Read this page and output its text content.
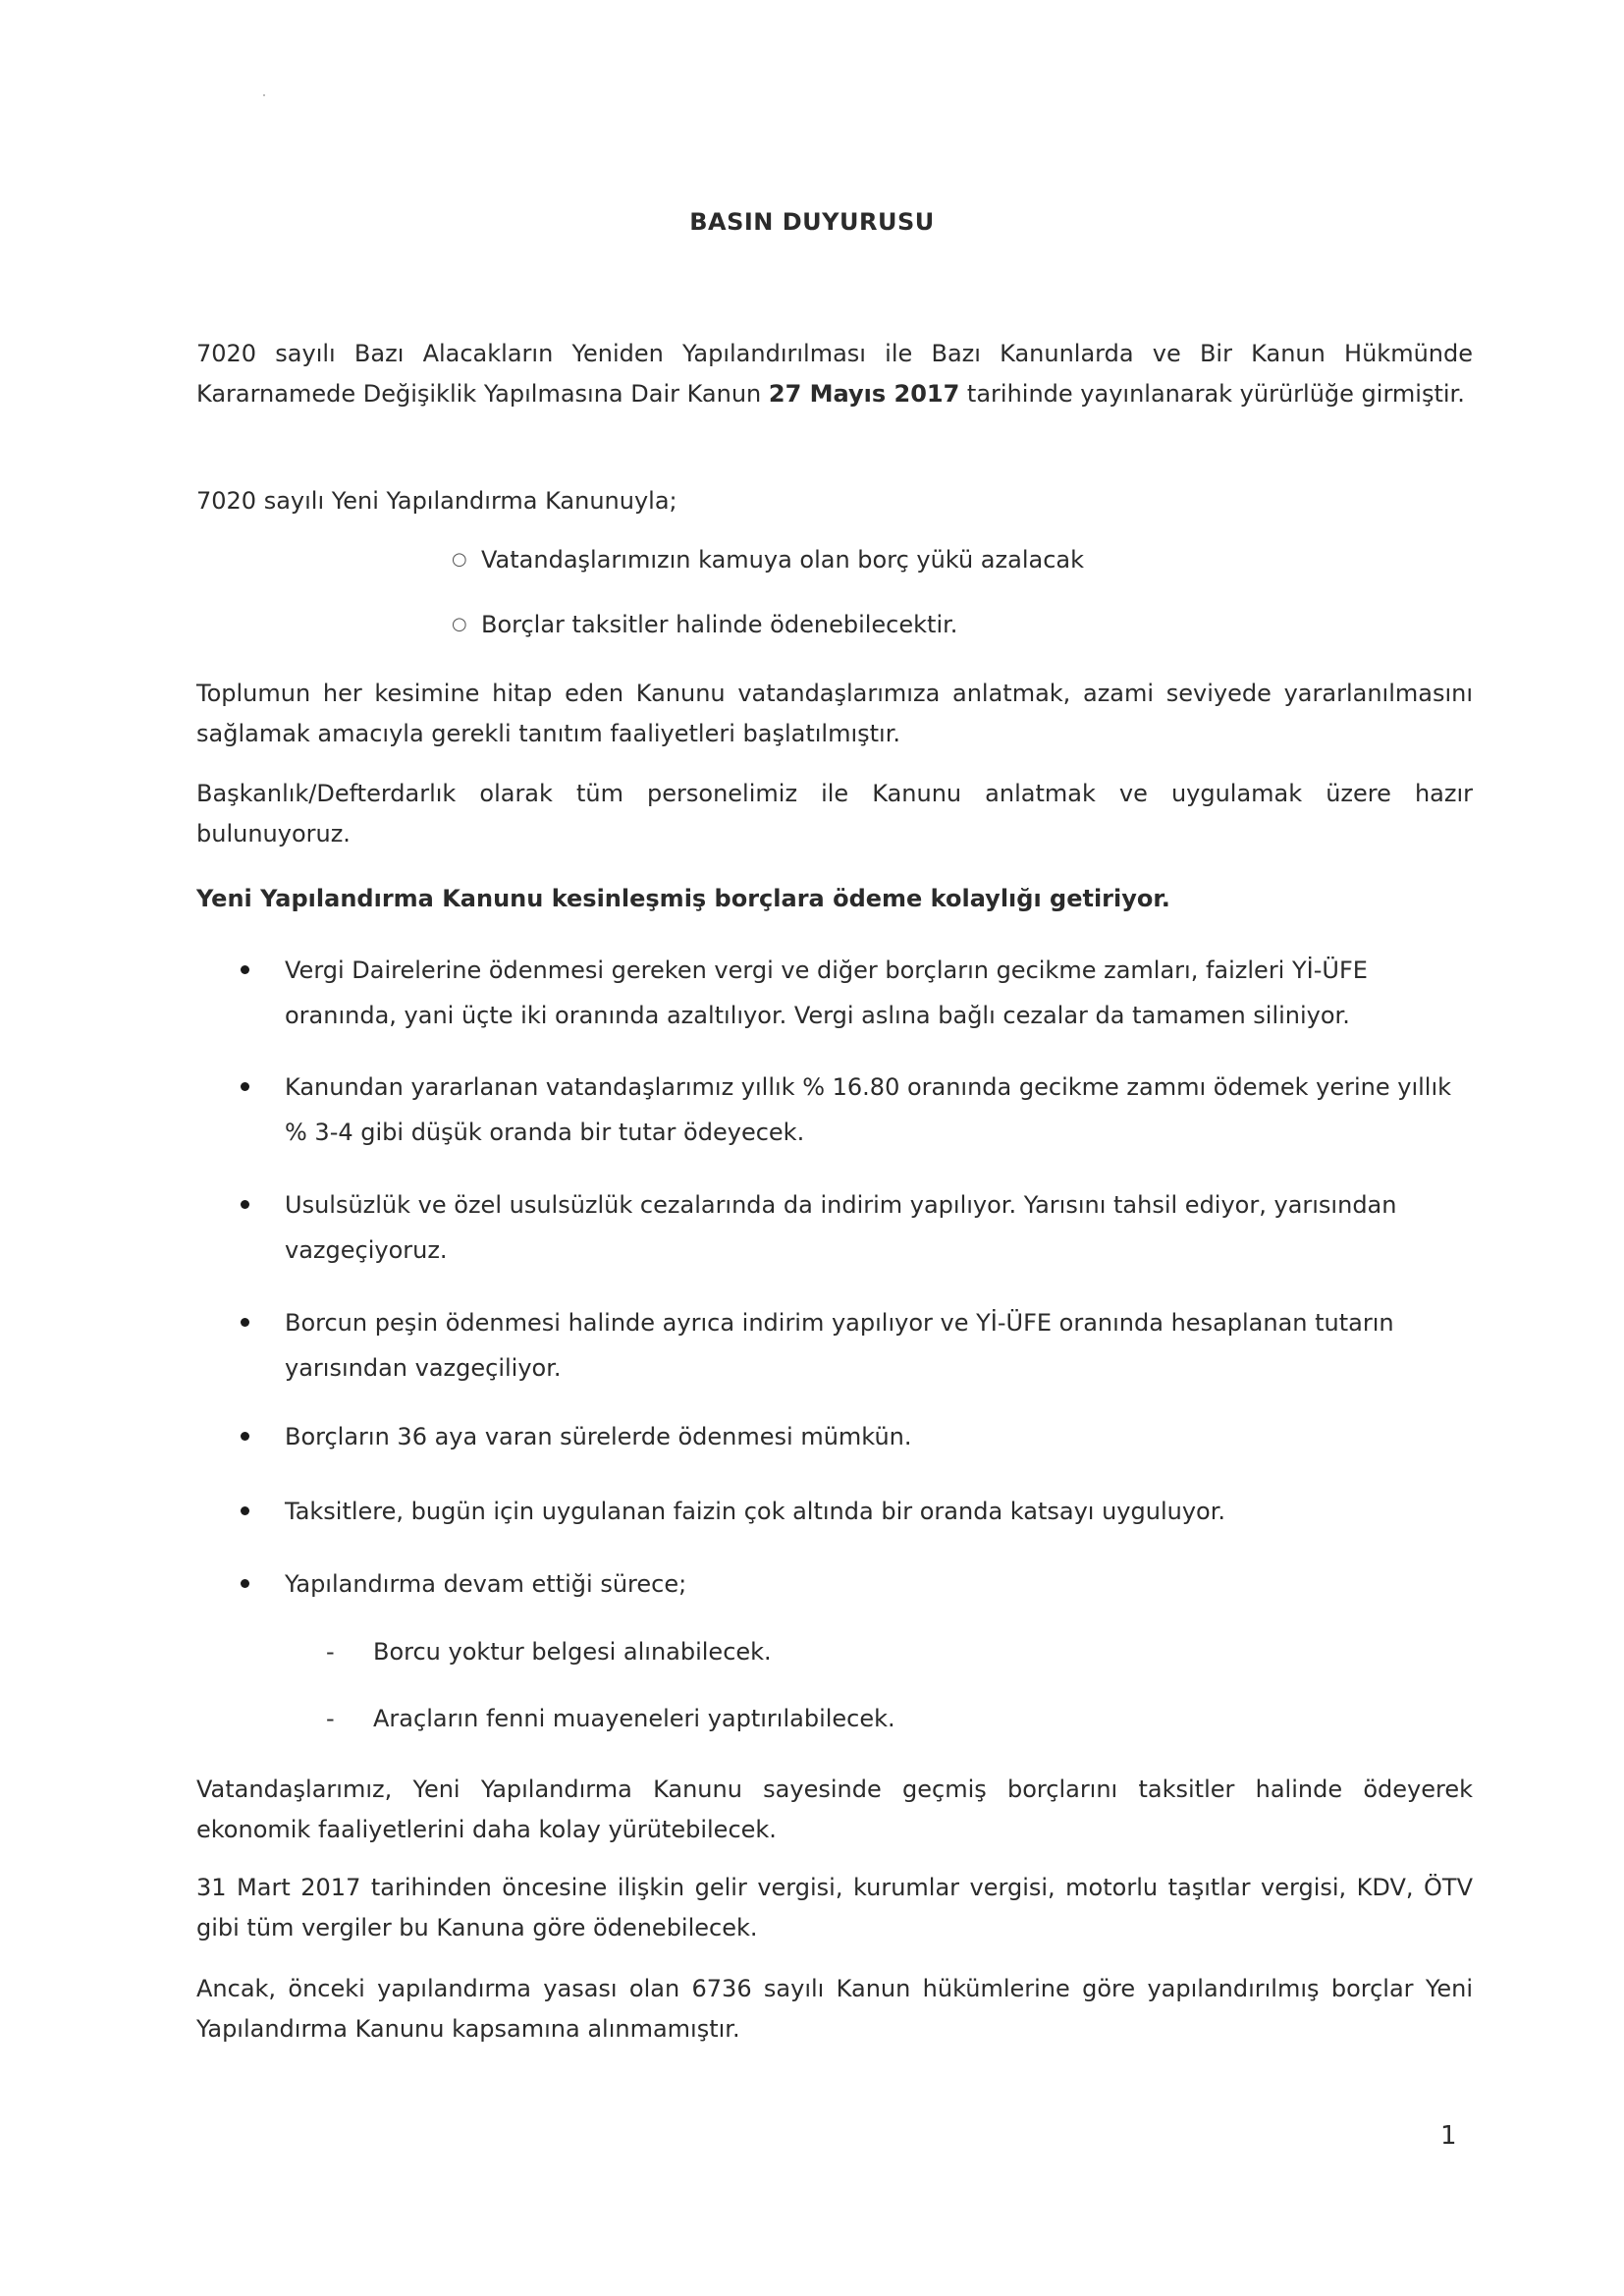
BASIN DUYURUSU
7020 sayılı Bazı Alacakların Yeniden Yapılandırılması ile Bazı Kanunlarda ve Bir Kanun Hükmünde Kararnamede Değişiklik Yapılmasına Dair Kanun 27 Mayıs 2017 tarihinde yayınlanarak yürürlüğe girmiştir.
7020 sayılı Yeni Yapılandırma Kanunuyla;
○ Vatandaşlarımızın kamuya olan borç yükü azalacak
○ Borçlar taksitler halinde ödenebilecektir.
Toplumun her kesimine hitap eden Kanunu vatandaşlarımıza anlatmak, azami seviyede yararlanılmasını sağlamak amacıyla gerekli tanıtım faaliyetleri başlatılmıştır.
Başkanlık/Defterdarlık olarak tüm personelimiz ile Kanunu anlatmak ve uygulamak üzere hazır bulunuyoruz.
Yeni Yapılandırma Kanunu kesinleşmiş borçlara ödeme kolaylığı getiriyor.
Vergi Dairelerine ödenmesi gereken vergi ve diğer borçların gecikme zamları, faizleri Yİ-ÜFE oranında, yani üçte iki oranında azaltılıyor. Vergi aslına bağlı cezalar da tamamen siliniyor.
Kanundan yararlanan vatandaşlarımız yıllık % 16.80 oranında gecikme zammı ödemek yerine yıllık % 3-4 gibi düşük oranda bir tutar ödeyecek.
Usulsüzlük ve özel usulsüzlük cezalarında da indirim yapılıyor. Yarısını tahsil ediyor, yarısından vazgeçiyoruz.
Borcun peşin ödenmesi halinde ayrıca indirim yapılıyor ve Yİ-ÜFE oranında hesaplanan tutarın yarısından vazgeçiliyor.
Borçların 36 aya varan sürelerde ödenmesi mümkün.
Taksitlere, bugün için uygulanan faizin çok altında bir oranda katsayı uyguluyor.
Yapılandırma devam ettiği sürece;
- Borcu yoktur belgesi alınabilecek.
- Araçların fenni muayeneleri yaptırılabilecek.
Vatandaşlarımız, Yeni Yapılandırma Kanunu sayesinde geçmiş borçlarını taksitler halinde ödeyerek ekonomik faaliyetlerini daha kolay yürütebilecek.
31 Mart 2017 tarihinden öncesine ilişkin gelir vergisi, kurumlar vergisi, motorlu taşıtlar vergisi, KDV, ÖTV gibi tüm vergiler bu Kanuna göre ödenebilecek.
Ancak, önceki yapılandırma yasası olan 6736 sayılı Kanun hükümlerine göre yapılandırılmış borçlar Yeni Yapılandırma Kanunu kapsamına alınmamıştır.
1
